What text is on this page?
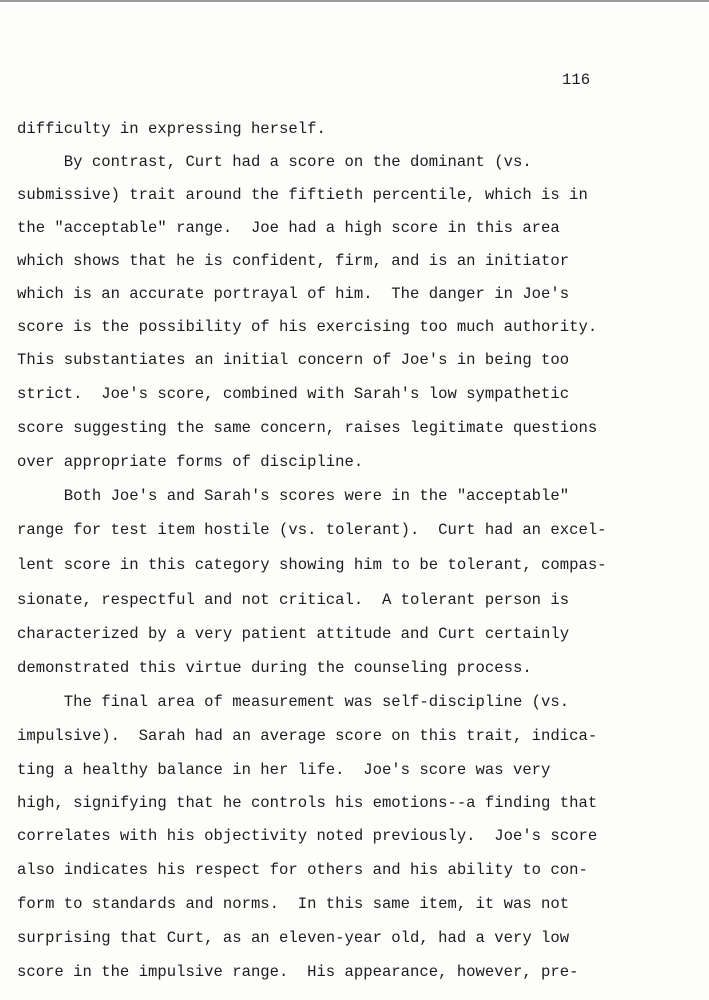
116
difficulty in expressing herself.
By contrast, Curt had a score on the dominant (vs.
submissive) trait around the fiftieth percentile, which is in
the "acceptable" range.  Joe had a high score in this area
which shows that he is confident, firm, and is an initiator
which is an accurate portrayal of him.  The danger in Joe's
score is the possibility of his exercising too much authority.
This substantiates an initial concern of Joe's in being too
strict.  Joe's score, combined with Sarah's low sympathetic
score suggesting the same concern, raises legitimate questions
over appropriate forms of discipline.
Both Joe's and Sarah's scores were in the "acceptable"
range for test item hostile (vs. tolerant).  Curt had an excel-
lent score in this category showing him to be tolerant, compas-
sionate, respectful and not critical.  A tolerant person is
characterized by a very patient attitude and Curt certainly
demonstrated this virtue during the counseling process.
The final area of measurement was self-discipline (vs.
impulsive).  Sarah had an average score on this trait, indica-
ting a healthy balance in her life.  Joe's score was very
high, signifying that he controls his emotions--a finding that
correlates with his objectivity noted previously.  Joe's score
also indicates his respect for others and his ability to con-
form to standards and norms.  In this same item, it was not
surprising that Curt, as an eleven-year old, had a very low
score in the impulsive range.  His appearance, however, pre-
